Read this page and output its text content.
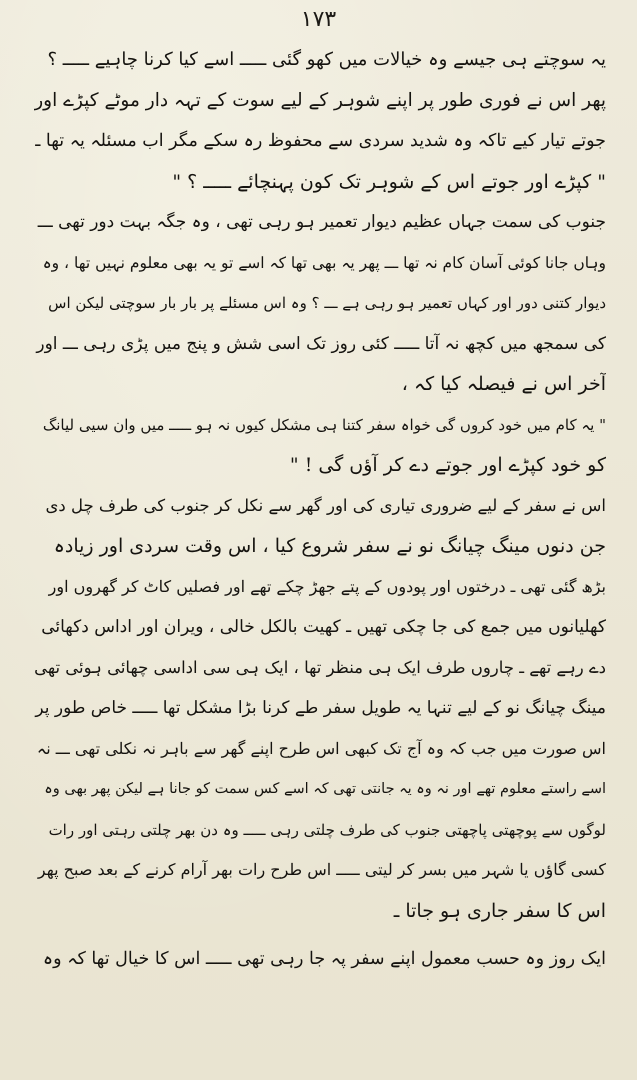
۱۷۳
یہ سوچتے ہی جیسے وہ خیالات میں کھو گئی ـــــ اسے کیا کرنا چاہیے ـــــ ؟
پھر اس نے فوری طور پر اپنے شوہر کے لیے سوت کے تہہ دار موٹے کپڑے اور
جوتے تیار کیے تاکہ وہ شدید سردی سے محفوظ رہ سکے مگر اب مسئلہ یہ تھا ـ
" کپڑے اور جوتے اس کے شوہر تک کون پہنچائے ـــــ ؟ "
جنوب کی سمت جہاں عظیم دیوار تعمیر ہو رہی تھی ، وہ جگہ بہت دور تھی ـــ
وہاں جانا کوئی آسان کام نہ تھا ـــ پھر یہ بھی تھا کہ اسے تو یہ بھی معلوم نہیں تھا ، وہ
دیوار کتنی دور اور کہاں تعمیر ہو رہی ہے ـــ ؟ وہ اس مسئلے پر بار بار سوچتی لیکن اس
کی سمجھ میں کچھ نہ آتا ـــــ کئی روز تک اسی شش و پنج میں پڑی رہی ـــ اور
آخر اس نے فیصلہ کیا کہ ،
" یہ کام میں خود کروں گی خواہ سفر کتنا ہی مشکل کیوں نہ ہو ـــــ میں وان سیی لیانگ
کو خود کپڑے اور جوتے دے کر آؤں گی ! "
اس نے سفر کے لیے ضروری تیاری کی اور گھر سے نکل کر جنوب کی طرف چل دی
جن دنوں مینگ چیانگ نو نے سفر شروع کیا ، اس وقت سردی اور زیادہ
بڑھ گئی تھی ـ درختوں اور پودوں کے پتے جھڑ چکے تھے اور فصلیں کاٹ کر گھروں اور
کھلیانوں میں جمع کی جا چکی تھیں ـ کھیت بالکل خالی ، ویران اور اداس دکھائی
دے رہے تھے ـ چاروں طرف ایک ہی منظر تھا ، ایک ہی سی اداسی چھائی ہوئی تھی
مینگ چیانگ نو کے لیے تنہا یہ طویل سفر طے کرنا بڑا مشکل تھا ـــــ خاص طور پر
اس صورت میں جب کہ وہ آج تک کبھی اس طرح اپنے گھر سے باہر نہ نکلی تھی ـــ نہ
اسے راستے معلوم تھے اور نہ وہ یہ جانتی تھی کہ اسے کس سمت کو جانا ہے لیکن پھر بھی وہ
لوگوں سے پوچھتی پاچھتی جنوب کی طرف چلتی رہی ـــــ وہ دن بھر چلتی رہتی اور رات
کسی گاؤں یا شہر میں بسر کر لیتی ـــــ اس طرح رات بھر آرام کرنے کے بعد صبح پھر
اس کا سفر جاری ہو جاتا ـ
ایک روز وہ حسب معمول اپنے سفر پہ جا رہی تھی ـــــ اس کا خیال تھا کہ وہ
